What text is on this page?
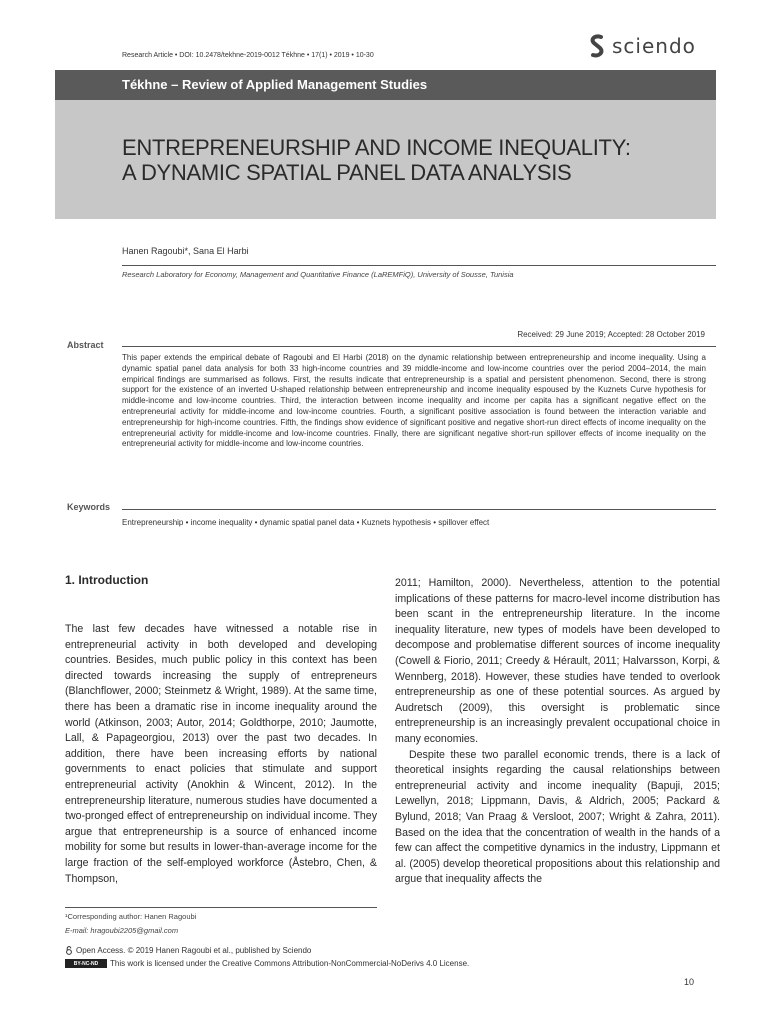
Research Article • DOI: 10.2478/tekhne-2019-0012 Tékhne • 17(1) • 2019 • 10-30	sciendo
Tékhne – Review of Applied Management Studies
ENTREPRENEURSHIP AND INCOME INEQUALITY:
A DYNAMIC SPATIAL PANEL DATA ANALYSIS
Hanen Ragoubi*, Sana El Harbi
Research Laboratory for Economy, Management and Quantitative Finance (LaREMFiQ), University of Sousse, Tunisia
Received: 29 June 2019; Accepted: 28 October 2019
Abstract
This paper extends the empirical debate of Ragoubi and El Harbi (2018) on the dynamic relationship between entrepreneurship and income inequality. Using a dynamic spatial panel data analysis for both 33 high-income countries and 39 middle-income and low-income countries over the period 2004–2014, the main empirical findings are summarised as follows. First, the results indicate that entrepreneurship is a spatial and persistent phenomenon. Second, there is strong support for the existence of an inverted U-shaped relationship between entrepreneurship and income inequality espoused by the Kuznets Curve hypothesis for middle-income and low-income countries. Third, the interaction between income inequality and income per capita has a significant negative effect on the entrepreneurial activity for middle-income and low-income countries. Fourth, a significant positive association is found between the interaction variable and entrepreneurship for high-income countries. Fifth, the findings show evidence of significant positive and negative short-run direct effects of income inequality on the entrepreneurial activity for middle-income and low-income countries. Finally, there are significant negative short-run spillover effects of income inequality on the entrepreneurial activity for middle-income and low-income countries.
Keywords
Entrepreneurship • income inequality • dynamic spatial panel data • Kuznets hypothesis • spillover effect
1. Introduction
The last few decades have witnessed a notable rise in entrepreneurial activity in both developed and developing countries. Besides, much public policy in this context has been directed towards increasing the supply of entrepreneurs (Blanchflower, 2000; Steinmetz & Wright, 1989). At the same time, there has been a dramatic rise in income inequality around the world (Atkinson, 2003; Autor, 2014; Goldthorpe, 2010; Jaumotte, Lall, & Papageorgiou, 2013) over the past two decades. In addition, there have been increasing efforts by national governments to enact policies that stimulate and support entrepreneurial activity (Anokhin & Wincent, 2012). In the entrepreneurship literature, numerous studies have documented a two-pronged effect of entrepreneurship on individual income. They argue that entrepreneurship is a source of enhanced income mobility for some but results in lower-than-average income for the large fraction of the self-employed workforce (Åstebro, Chen, & Thompson,
2011; Hamilton, 2000). Nevertheless, attention to the potential implications of these patterns for macro-level income distribution has been scant in the entrepreneurship literature. In the income inequality literature, new types of models have been developed to decompose and problematise different sources of income inequality (Cowell & Fiorio, 2011; Creedy & Hérault, 2011; Halvarsson, Korpi, & Wennberg, 2018). However, these studies have tended to overlook entrepreneurship as one of these potential sources. As argued by Audretsch (2009), this oversight is problematic since entrepreneurship is an increasingly prevalent occupational choice in many economies.
Despite these two parallel economic trends, there is a lack of theoretical insights regarding the causal relationships between entrepreneurial activity and income inequality (Bapuji, 2015; Lewellyn, 2018; Lippmann, Davis, & Aldrich, 2005; Packard & Bylund, 2018; Van Praag & Versloot, 2007; Wright & Zahra, 2011). Based on the idea that the concentration of wealth in the hands of a few can affect the competitive dynamics in the industry, Lippmann et al. (2005) develop theoretical propositions about this relationship and argue that inequality affects the
¹Corresponding author: Hanen Ragoubi
E-mail: hragoubi2205@gmail.com
Open Access. © 2019 Hanen Ragoubi et al., published by Sciendo
BY-NC-ND	This work is licensed under the Creative Commons Attribution-NonCommercial-NoDerivs 4.0 License.
10
